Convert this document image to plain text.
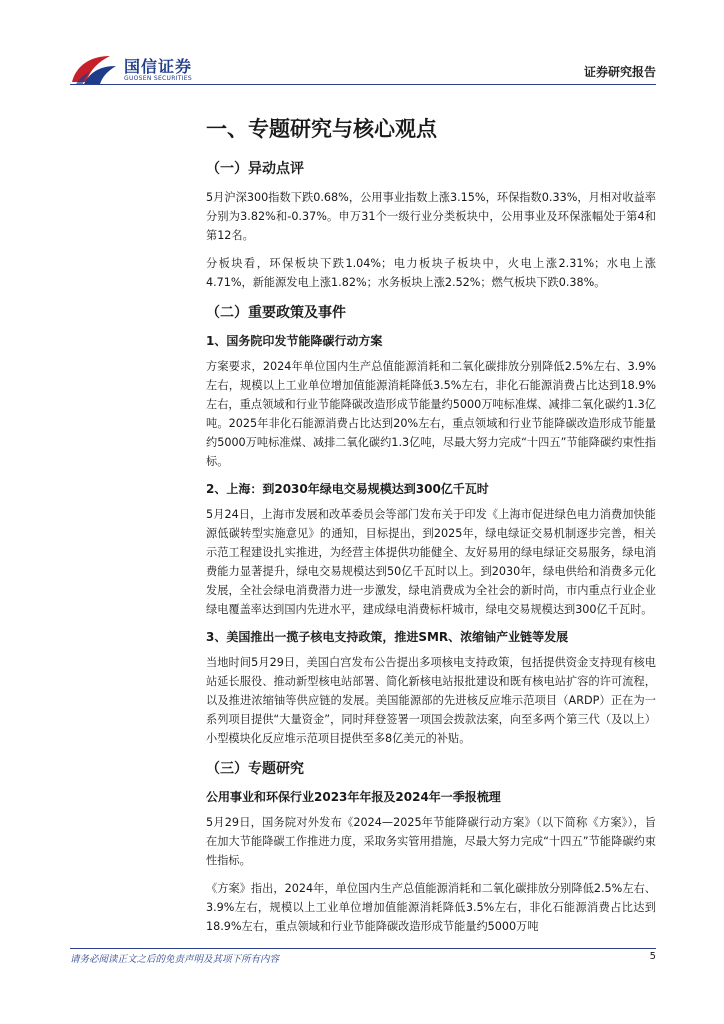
国信证券
GUOSEN SECURITIES	证券研究报告
一、专题研究与核心观点
（一）异动点评

5月沪深300指数下跌0.68%，公用事业指数上涨3.15%，环保指数0.33%，月相对收益率分别为3.82%和-0.37%。申万31个一级行业分类板块中，公用事业及环保涨幅处于第4和第12名。

分板块看，环保板块下跌1.04%；电力板块子板块中，火电上涨2.31%；水电上涨4.71%，新能源发电上涨1.82%；水务板块上涨2.52%；燃气板块下跌0.38%。

（二）重要政策及事件
1、国务院印发节能降碳行动方案

方案要求，2024年单位国内生产总值能源消耗和二氧化碳排放分别降低2.5%左右、3.9%左右，规模以上工业单位增加值能源消耗降低3.5%左右，非化石能源消费占比达到18.9%左右，重点领域和行业节能降碳改造形成节能量约5000万吨标准煤、减排二氧化碳约1.3亿吨。2025年非化石能源消费占比达到20%左右，重点领域和行业节能降碳改造形成节能量约5000万吨标准煤、减排二氧化碳约1.3亿吨，尽最大努力完成“十四五”节能降碳约束性指标。

2、上海：到2030年绿电交易规模达到300亿千瓦时

5月24日，上海市发展和改革委员会等部门发布关于印发《上海市促进绿色电力消费加快能源低碳转型实施意见》的通知，目标提出，到2025年，绿电绿证交易机制逐步完善，相关示范工程建设扎实推进，为经营主体提供功能健全、友好易用的绿电绿证交易服务，绿电消费能力显著提升，绿电交易规模达到50亿千瓦时以上。到2030年，绿电供给和消费多元化发展，全社会绿电消费潜力进一步激发，绿电消费成为全社会的新时尚，市内重点行业企业绿电覆盖率达到国内先进水平，建成绿电消费标杆城市，绿电交易规模达到300亿千瓦时。

3、美国推出一揽子核电支持政策，推进SMR、浓缩铀产业链等发展

当地时间5月29日，美国白宫发布公告提出多项核电支持政策，包括提供资金支持现有核电站延长服役、推动新型核电站部署、简化新核电站报批建设和既有核电站扩容的许可流程，以及推进浓缩铀等供应链的发展。美国能源部的先进核反应堆示范项目（ARDP）正在为一系列项目提供“大量资金”，同时拜登签署一项国会拨款法案，向至多两个第三代（及以上）小型模块化反应堆示范项目提供至多8亿美元的补贴。

（三）专题研究
公用事业和环保行业2023年年报及2024年一季报梳理

5月29日，国务院对外发布《2024—2025年节能降碳行动方案》（以下简称《方案》），旨在加大节能降碳工作推进力度，采取务实管用措施，尽最大努力完成“十四五”节能降碳约束性指标。

《方案》指出，2024年，单位国内生产总值能源消耗和二氧化碳排放分别降低2.5%左右、3.9%左右，规模以上工业单位增加值能源消耗降低3.5%左右，非化石能源消费占比达到18.9%左右，重点领域和行业节能降碳改造形成节能量约5000万吨

请务必阅读正文之后的免责声明及其项下所有内容	5
